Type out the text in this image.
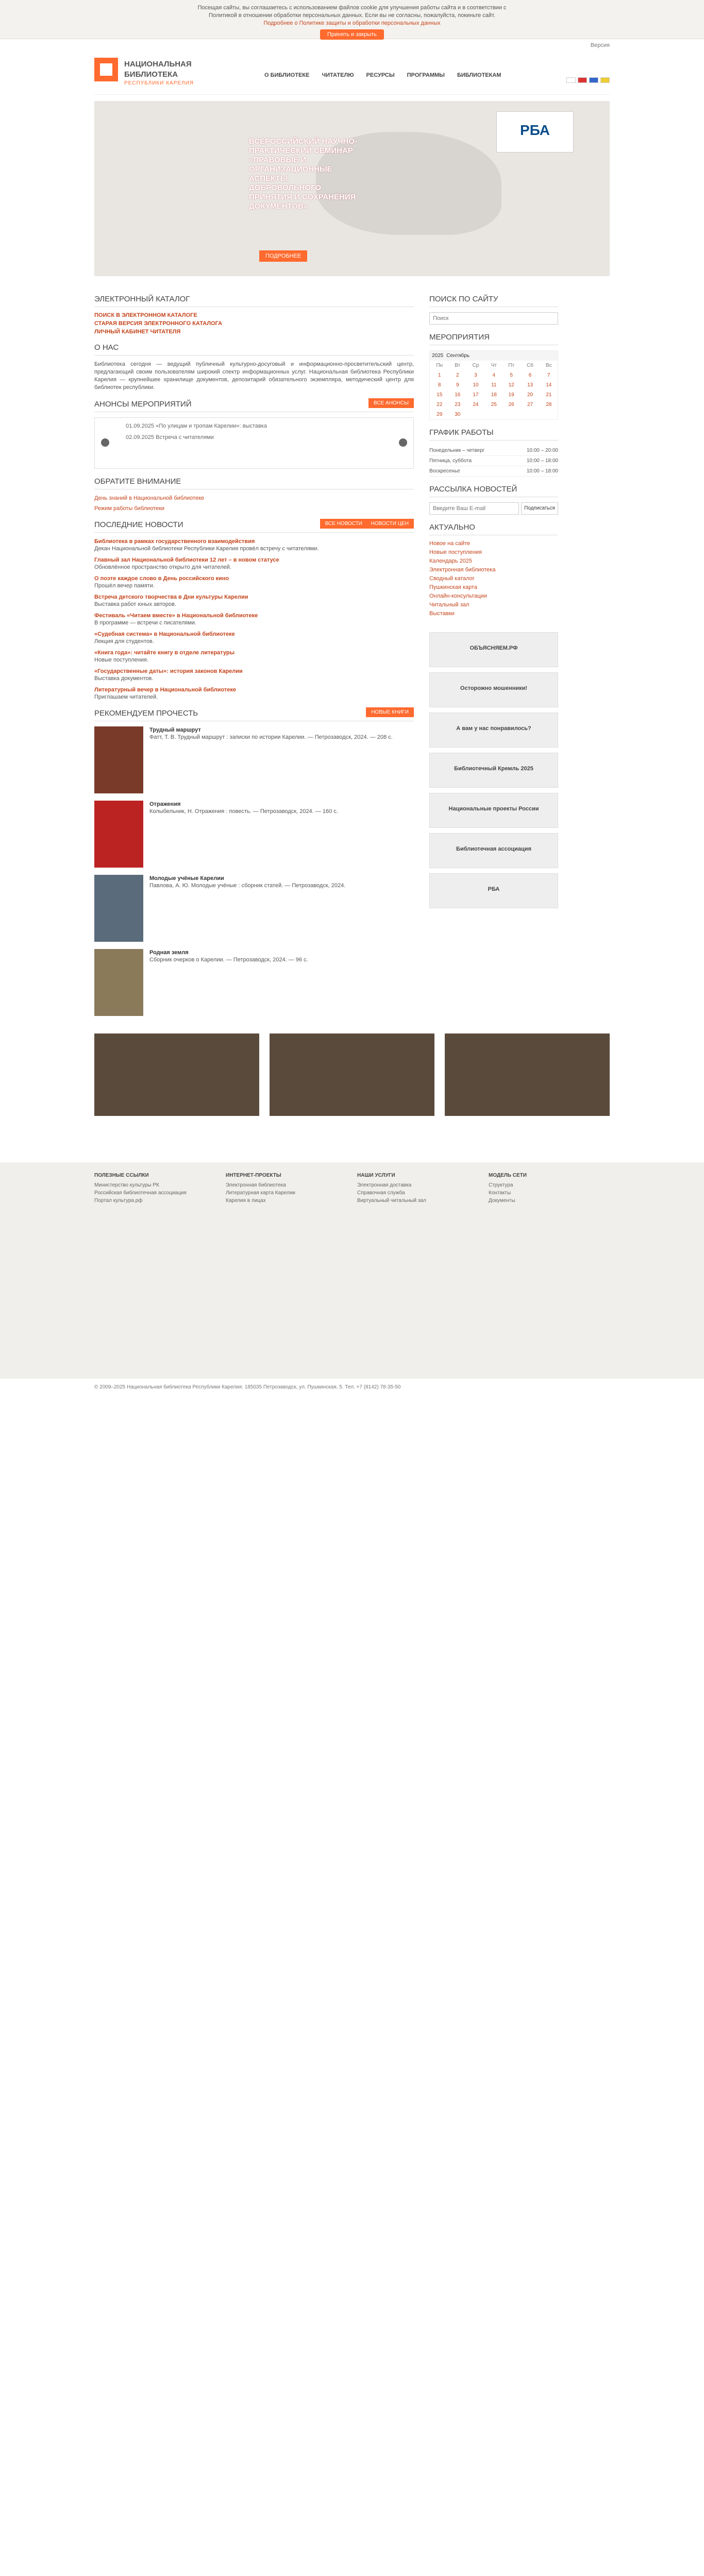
Посещая сайты, вы соглашаетесь с использованием файлов cookie для улучшения работы сайта и в соответствии с Политикой в отношении обработки персональных данных. Если вы не согласны, пожалуйста, покиньте сайт.

Подробнее о Политике защиты и обработки персональных данных

Принять и закрыть
Версия
НАЦИОНАЛЬНАЯ
БИБЛИОТЕКА
РЕСПУБЛИКИ КАРЕЛИЯ
О БИБЛИОТЕКЕ ЧИТАТЕЛЮ РЕСУРСЫ ПРОГРАММЫ БИБЛИОТЕКАМ
ВСЕРОССИЙСКИЙ НАУЧНО-ПРАКТИЧЕСКИЙ СЕМИНАР «ПРАВОВЫЕ И ОРГАНИЗАЦИОННЫЕ АСПЕКТЫ ДОБРОВОЛЬНОГО ПРИНЯТИЯ И СОХРАНЕНИЯ ДОКУМЕНТОВ»
РБА
ПОДРОБНЕЕ
ЭЛЕКТРОННЫЙ КАТАЛОГ
ПОИСК В ЭЛЕКТРОННОМ КАТАЛОГЕ
СТАРАЯ ВЕРСИЯ ЭЛЕКТРОННОГО КАТАЛОГА
ЛИЧНЫЙ КАБИНЕТ ЧИТАТЕЛЯ
О НАС

Библиотека сегодня — ведущий публичный культурно-досуговый и информационно-просветительский центр, предлагающий своим пользователям широкий спектр информационных услуг. Национальная библиотека Республики Карелия — крупнейшее хранилище документов, депозитарий обязательного экземпляра, методический центр для библиотек республики.

АНОНСЫ МЕРОПРИЯТИЙ	ВСЕ АНОНСЫ
01.09.2025 «По улицам и тропам Карелии»: выставка
02.09.2025 Встреча с читателями
ОБРАТИТЕ ВНИМАНИЕ

День знаний в Национальной библиотеке

Режим работы библиотеки

ПОСЛЕДНИЕ НОВОСТИ	ВСЕ НОВОСТИ	НОВОСТИ ЦЕН
Библиотека в рамках государственного взаимодействия

Декан Национальной библиотеки Республики Карелия провёл встречу с читателями.

Главный зал Национальной библиотеки 12 лет – в новом статусе

Обновлённое пространство открыто для читателей.

О поэте каждое слово в День российского кино

Прошёл вечер памяти.

Встреча детского творчества в Дни культуры Карелии

Выставка работ юных авторов.

Фестиваль «Читаем вместе» в Национальной библиотеке

В программе — встречи с писателями.

«Судебная система» в Национальной библиотеке

Лекция для студентов.

«Книга года»: читайте книгу в отделе литературы

Новые поступления.

«Государственные даты»: история законов Карелии

Выставка документов.

Литературный вечер в Национальной библиотеке

Приглашаем читателей.

РЕКОМЕНДУЕМ ПРОЧЕСТЬ	НОВЫЕ КНИГИ
Трудный маршрут

Фатт, Т. В. Трудный маршрут : записки по истории Карелии. — Петрозаводск, 2024. — 208 с.

Отражения

Колыбельник, Н. Отражения : повесть. — Петрозаводск, 2024. — 160 с.

Молодые учёные Карелии

Павлова, А. Ю. Молодые учёные : сборник статей. — Петрозаводск, 2024.

Родная земля

Сборник очерков о Карелии. — Петрозаводск, 2024. — 96 с.

ПОИСК ПО САЙТУ
Поиск
МЕРОПРИЯТИЯ
2025 Сентябрь
Пн	Вт	Ср	Чт	Пт	Сб	Вс
1	2	3	4	5	6	7
8	9	10	11	12	13	14
15	16	17	18	19	20	21
22	23	24	25	26	27	28
29	30					
ГРАФИК РАБОТЫ
Понедельник – четверг	10:00 – 20:00
Пятница, суббота	10:00 – 18:00
Воскресенье	10:00 – 18:00
РАССЫЛКА НОВОСТЕЙ
Введите Ваш E-mail
Подписаться
АКТУАЛЬНО
Новое на сайте
Новые поступления
Календарь 2025
Электронная библиотека
Сводный каталог
Пушкинская карта
Онлайн-консультации
Читальный зал
Выставки
ОБЪЯСНЯЕМ.РФ
Осторожно мошенники!
А вам у нас понравилось?
Библиотечный Кремль 2025
Национальные проекты России
Библиотечная ассоциация
РБА
Собрание редких книг	Электронная библиотека	Коллекция редких изданий
ПОЛЕЗНЫЕ ССЫЛКИ
Министерство культуры РК
Российская библиотечная ассоциация
Портал культура.рф
ИНТЕРНЕТ-ПРОЕКТЫ
Электронная библиотека
Литературная карта Карелии
Карелия в лицах
НАШИ УСЛУГИ
Электронная доставка
Справочная служба
Виртуальный читальный зал
МОДЕЛЬ СЕТИ
Структура
Контакты
Документы
© 2009–2025 Национальная библиотека Республики Карелия. 185035 Петрозаводск, ул. Пушкинская, 5. Тел. +7 (8142) 78-35-50
